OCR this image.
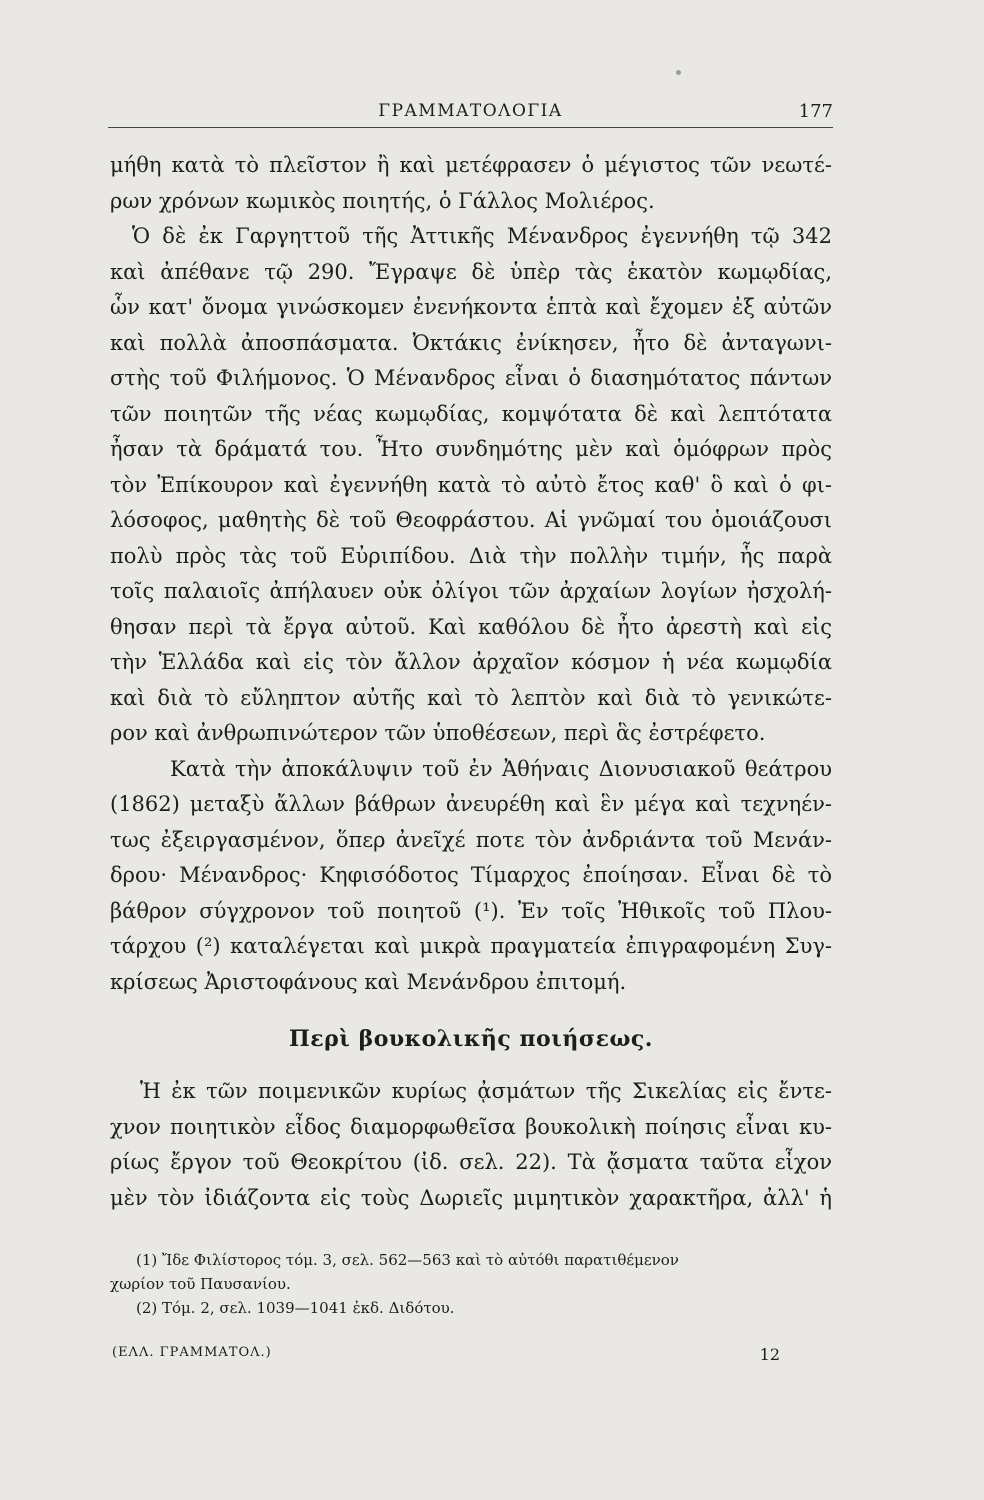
ΓΡΑΜΜΑΤΟΛΟΓΙΑ	177
μήθη κατὰ τὸ πλεῖστον ἢ καὶ μετέφρασεν ὁ μέγιστος τῶν νεωτέ-
ρων χρόνων κωμικὸς ποιητής, ὁ Γάλλος Μολιέρος.
Ὁ δὲ ἐκ Γαργηττοῦ τῆς Ἀττικῆς Μένανδρος ἐγεννήθη τῷ 342
καὶ ἀπέθανε τῷ 290. Ἔγραψε δὲ ὑπὲρ τὰς ἑκατὸν κωμῳδίας,
ὧν κατ' ὄνομα γινώσκομεν ἐνενήκοντα ἑπτὰ καὶ ἔχομεν ἐξ αὐτῶν
καὶ πολλὰ ἀποσπάσματα. Ὀκτάκις ἐνίκησεν, ἦτο δὲ ἀνταγωνι-
στὴς τοῦ Φιλήμονος. Ὁ Μένανδρος εἶναι ὁ διασημότατος πάντων
τῶν ποιητῶν τῆς νέας κωμῳδίας, κομψότατα δὲ καὶ λεπτότατα
ἦσαν τὰ δράματά του. Ἦτο συνδημότης μὲν καὶ ὁμόφρων πρὸς
τὸν Ἐπίκουρον καὶ ἐγεννήθη κατὰ τὸ αὐτὸ ἔτος καθ' ὃ καὶ ὁ φι-
λόσοφος, μαθητὴς δὲ τοῦ Θεοφράστου. Αἱ γνῶμαί του ὁμοιάζουσι
πολὺ πρὸς τὰς τοῦ Εὐριπίδου. Διὰ τὴν πολλὴν τιμήν, ἧς παρὰ
τοῖς παλαιοῖς ἀπήλαυεν οὐκ ὀλίγοι τῶν ἀρχαίων λογίων ἠσχολή-
θησαν περὶ τὰ ἔργα αὐτοῦ. Καὶ καθόλου δὲ ἦτο ἀρεστὴ καὶ εἰς
τὴν Ἑλλάδα καὶ εἰς τὸν ἄλλον ἀρχαῖον κόσμον ἡ νέα κωμῳδία
καὶ διὰ τὸ εὔληπτον αὐτῆς καὶ τὸ λεπτὸν καὶ διὰ τὸ γενικώτε-
ρον καὶ ἀνθρωπινώτερον τῶν ὑποθέσεων, περὶ ἃς ἐστρέφετο.
Κατὰ τὴν ἀποκάλυψιν τοῦ ἐν Ἀθήναις Διονυσιακοῦ θεάτρου
(1862) μεταξὺ ἄλλων βάθρων ἀνευρέθη καὶ ἓν μέγα καὶ τεχνηέν-
τως ἐξειργασμένον, ὅπερ ἀνεῖχέ ποτε τὸν ἀνδριάντα τοῦ Μενάν-
δρου· Μένανδρος· Κηφισόδοτος Τίμαρχος ἐποίησαν. Εἶναι δὲ τὸ
βάθρον σύγχρονον τοῦ ποιητοῦ (¹). Ἐν τοῖς Ἠθικοῖς τοῦ Πλου-
τάρχου (²) καταλέγεται καὶ μικρὰ πραγματεία ἐπιγραφομένη Συγ-
κρίσεως Ἀριστοφάνους καὶ Μενάνδρου ἐπιτομή.
Περὶ βουκολικῆς ποιήσεως.
Ἡ ἐκ τῶν ποιμενικῶν κυρίως ᾀσμάτων τῆς Σικελίας εἰς ἔντε-
χνον ποιητικὸν εἶδος διαμορφωθεῖσα βουκολικὴ ποίησις εἶναι κυ-
ρίως ἔργον τοῦ Θεοκρίτου (ἰδ. σελ. 22). Τὰ ᾄσματα ταῦτα εἶχον
μὲν τὸν ἰδιάζοντα εἰς τοὺς Δωριεῖς μιμητικὸν χαρακτῆρα, ἀλλ' ἡ
(1) Ἴδε Φιλίστορος τόμ. 3, σελ. 562—563 καὶ τὸ αὐτόθι παρατιθέμενον
χωρίον τοῦ Παυσανίου.
(2) Τόμ. 2, σελ. 1039—1041 ἐκδ. Διδότου.
(ΕΛΛ. ΓΡΑΜΜΑΤΟΛ.)	12
